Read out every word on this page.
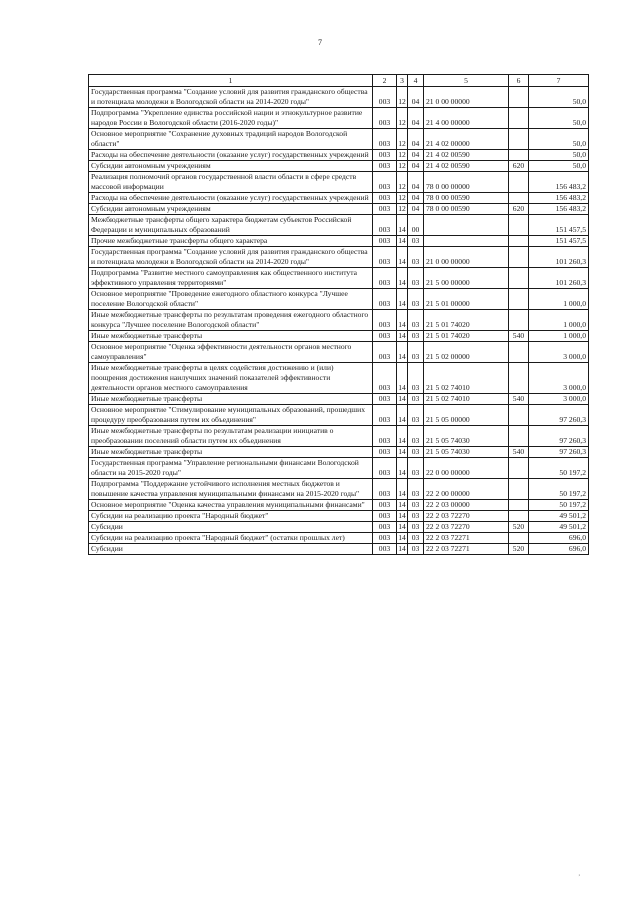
7
1	2	3	4	5	6	7
Государственная программа "Создание условий для развития гражданского общества и потенциала молодежи в Вологодской области на 2014-2020 годы"	003	12	04	21 0 00 00000		50,0
Подпрограмма "Укрепление единства российской нации и этнокультурное развитие народов России в Вологодской области (2016-2020 годы)"	003	12	04	21 4 00 00000		50,0
Основное мероприятие "Сохранение духовных традиций народов Вологодской области"	003	12	04	21 4 02 00000		50,0
Расходы на обеспечение деятельности (оказание услуг) государственных учреждений	003	12	04	21 4 02 00590		50,0
Субсидии автономным учреждениям	003	12	04	21 4 02 00590	620	50,0
Реализация полномочий органов государственной власти области в сфере средств массовой информации	003	12	04	78 0 00 00000		156 483,2
Расходы на обеспечение деятельности (оказание услуг) государственных учреждений	003	12	04	78 0 00 00590		156 483,2
Субсидии автономным учреждениям	003	12	04	78 0 00 00590	620	156 483,2
Межбюджетные трансферты общего характера бюджетам субъектов Российской Федерации и муниципальных образований	003	14	00			151 457,5
Прочие межбюджетные трансферты общего характера	003	14	03			151 457,5
Государственная программа "Создание условий для развития гражданского общества и потенциала молодежи в Вологодской области на 2014-2020 годы"	003	14	03	21 0 00 00000		101 260,3
Подпрограмма "Развитие местного самоуправления как общественного института эффективного управления территориями"	003	14	03	21 5 00 00000		101 260,3
Основное мероприятие "Проведение ежегодного областного конкурса "Лучшее поселение Вологодской области"	003	14	03	21 5 01 00000		1 000,0
Иные межбюджетные трансферты по результатам проведения ежегодного областного конкурса "Лучшее поселение Вологодской области"	003	14	03	21 5 01 74020		1 000,0
Иные межбюджетные трансферты	003	14	03	21 5 01 74020	540	1 000,0
Основное мероприятие "Оценка эффективности деятельности органов местного самоуправления"	003	14	03	21 5 02 00000		3 000,0
Иные межбюджетные трансферты в целях содействия достижению и (или) поощрения достижения наилучших значений показателей эффективности деятельности органов местного самоуправления	003	14	03	21 5 02 74010		3 000,0
Иные межбюджетные трансферты	003	14	03	21 5 02 74010	540	3 000,0
Основное мероприятие "Стимулирование муниципальных образований, прошедших процедуру преобразования путем их объединения"	003	14	03	21 5 05 00000		97 260,3
Иные межбюджетные трансферты по результатам реализации инициатив о преобразовании поселений области путем их объединения	003	14	03	21 5 05 74030		97 260,3
Иные межбюджетные трансферты	003	14	03	21 5 05 74030	540	97 260,3
Государственная программа "Управление региональными финансами Вологодской области на 2015-2020 годы"	003	14	03	22 0 00 00000		50 197,2
Подпрограмма "Поддержание устойчивого исполнения местных бюджетов и повышение качества управления муниципальными финансами на 2015-2020 годы"	003	14	03	22 2 00 00000		50 197,2
Основное мероприятие "Оценка качества управления муниципальными финансами"	003	14	03	22 2 03 00000		50 197,2
Субсидии на реализацию проекта "Народный бюджет"	003	14	03	22 2 03 72270		49 501,2
Субсидии	003	14	03	22 2 03 72270	520	49 501,2
Субсидии на реализацию проекта "Народный бюджет" (остатки прошлых лет)	003	14	03	22 2 03 72271		696,0
Субсидии	003	14	03	22 2 03 72271	520	696,0
,
